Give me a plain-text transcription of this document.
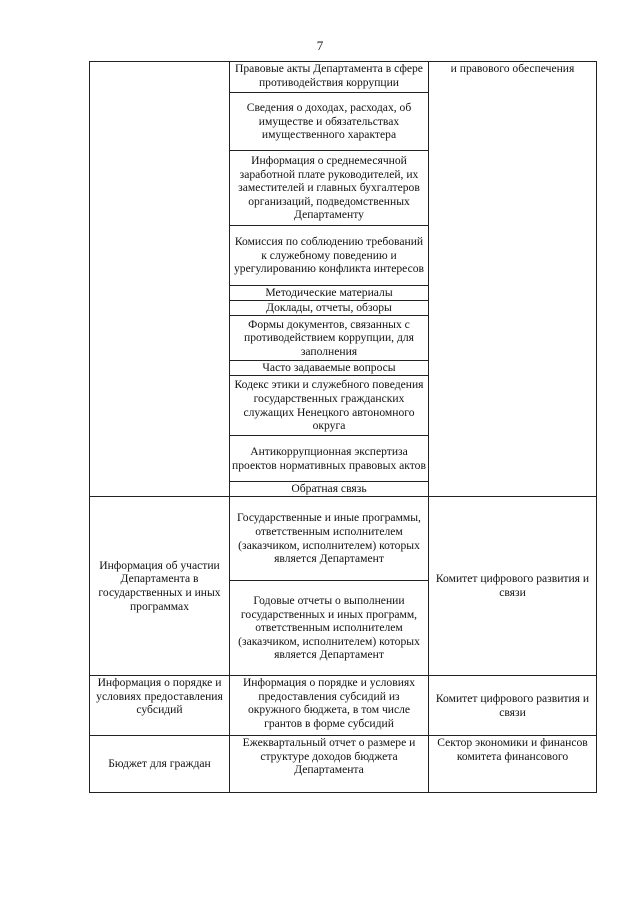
7
	Правовые акты Департамента в сфере противодействия коррупции	и правового обеспечения
	Сведения о доходах, расходах, об имуществе и обязательствах имущественного характера	
	Информация о среднемесячной заработной плате руководителей, их заместителей и главных бухгалтеров организаций, подведомственных Департаменту	
	Комиссия по соблюдению требований к служебному поведению и урегулированию конфликта интересов	
	Методические материалы	
	Доклады, отчеты, обзоры	
	Формы документов, связанных с противодействием коррупции, для заполнения	
	Часто задаваемые вопросы	
	Кодекс этики и служебного поведения государственных гражданских служащих Ненецкого автономного округа	
	Антикоррупционная экспертиза проектов нормативных правовых актов	
	Обратная связь	
Информация об участии Департамента в государственных и иных программах	Государственные и иные программы, ответственным исполнителем (заказчиком, исполнителем) которых является Департамент	Комитет цифрового развития и связи
	Годовые отчеты о выполнении государственных и иных программ, ответственным исполнителем (заказчиком, исполнителем) которых является Департамент	
Информация о порядке и условиях предоставления субсидий	Информация о порядке и условиях предоставления субсидий из окружного бюджета, в том числе грантов в форме субсидий	Комитет цифрового развития и связи
Бюджет для граждан	Ежеквартальный отчет о размере и структуре доходов бюджета Департамента	Сектор экономики и финансов комитета финансового
